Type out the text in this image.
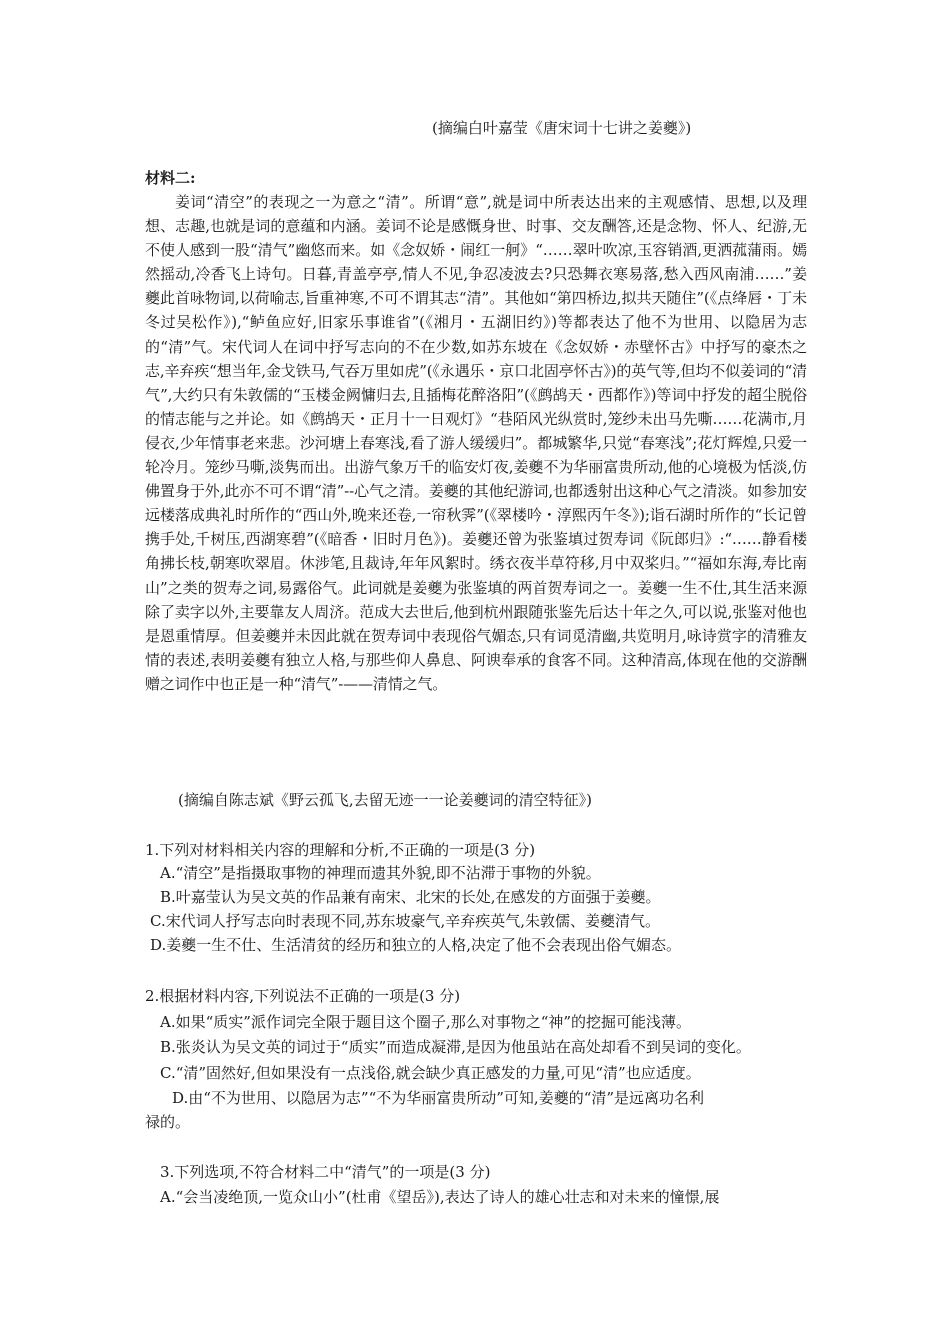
(摘编白叶嘉莹《唐宋词十七讲之姜夔》)
材料二:
姜词“清空”的表现之一为意之“清”。所谓“意”,就是词中所表达出来的主观感情、思想,以及理想、志趣,也就是词的意蕴和内涵。姜词不论是感慨身世、时事、交友酬答,还是念物、怀人、纪游,无不使人感到一股“清气”幽悠而来。如《念奴娇・闹红一舸》“……翠叶吹凉,玉容销酒,更洒菰蒲雨。嫣然摇动,冷香飞上诗句。日暮,青盖亭亭,情人不见,争忍凌波去?只恐舞衣寒易落,愁入西风南浦……”姜夔此首咏物词,以荷喻志,旨重神寒,不可不谓其志“清”。其他如“第四桥边,拟共天随住”(《点绛唇・丁未冬过吴松作》),“鲈鱼应好,旧家乐事谁省”(《湘月・五湖旧约》)等都表达了他不为世用、以隐居为志的“清”气。宋代词人在词中抒写志向的不在少数,如苏东坡在《念奴娇・赤壁怀古》中抒写的豪杰之志,辛弃疾“想当年,金戈铁马,气吞万里如虎”(《永遇乐・京口北固亭怀古》)的英气等,但均不似姜词的“清气”,大约只有朱敦儒的“玉楼金阙慵归去,且插梅花醉洛阳”(《鹧鸪天・西都作》)等词中抒发的超尘脱俗的情志能与之并论。如《鹧鸪天・正月十一日观灯》“巷陌风光纵赏时,笼纱未出马先嘶……花满市,月侵衣,少年情事老来悲。沙河塘上春寒浅,看了游人缓缓归”。都城繁华,只觉“春寒浅”;花灯辉煌,只爱一轮冷月。笼纱马嘶,淡隽而出。出游气象万千的临安灯夜,姜夔不为华丽富贵所动,他的心境极为恬淡,仿佛置身于外,此亦不可不谓“清”--心气之清。姜夔的其他纪游词,也都透射出这种心气之清淡。如参加安远楼落成典礼时所作的“西山外,晚来还卷,一帘秋霁”(《翠楼吟・淳熙丙午冬》);诣石湖时所作的“长记曾携手处,千树压,西湖寒碧”(《暗香・旧时月色》)。姜夔还曾为张鉴填过贺寿词《阮郎归》:“……静看楼角拂长枝,朝寒吹翠眉。休涉笔,且裁诗,年年风絮时。绣衣夜半草符移,月中双桨归。”“福如东海,寿比南山”之类的贺寿之词,易露俗气。此词就是姜夔为张鉴填的两首贺寿词之一。姜夔一生不仕,其生活来源除了卖字以外,主要靠友人周济。范成大去世后,他到杭州跟随张鉴先后达十年之久,可以说,张鉴对他也是恩重情厚。但姜夔并未因此就在贺寿词中表现俗气媚态,只有词觅清幽,共览明月,咏诗赏字的清雅友情的表述,表明姜夔有独立人格,与那些仰人鼻息、阿谀奉承的食客不同。这种清高,体现在他的交游酬赠之词作中也正是一种“清气”-——清情之气。
(摘编自陈志斌《野云孤飞,去留无迹一一论姜夔词的清空特征》)
1.下列对材料相关内容的理解和分析,不正确的一项是(3 分)
A.“清空”是指摄取事物的神理而遗其外貌,即不沾滞于事物的外貌。
B.叶嘉莹认为吴文英的作品兼有南宋、北宋的长处,在感发的方面强于姜夔。
C.宋代词人抒写志向时表现不同,苏东坡豪气,辛弃疾英气,朱敦儒、姜夔清气。
D.姜夔一生不仕、生活清贫的经历和独立的人格,决定了他不会表现出俗气媚态。
2.根据材料内容,下列说法不正确的一项是(3 分)
A.如果“质实”派作词完全限于题目这个圈子,那么对事物之“神”的挖掘可能浅薄。
B.张炎认为吴文英的词过于“质实”而造成凝滞,是因为他虽站在高处却看不到吴词的变化。
C.“清”固然好,但如果没有一点浅俗,就会缺少真正感发的力量,可见“清”也应适度。
D.由“不为世用、以隐居为志”“不为华丽富贵所动”可知,姜夔的“清”是远离功名利
禄的。
3.下列选项,不符合材料二中“清气”的一项是(3 分)
A.“会当凌绝顶,一览众山小”(杜甫《望岳》),表达了诗人的雄心壮志和对未来的憧憬,展
